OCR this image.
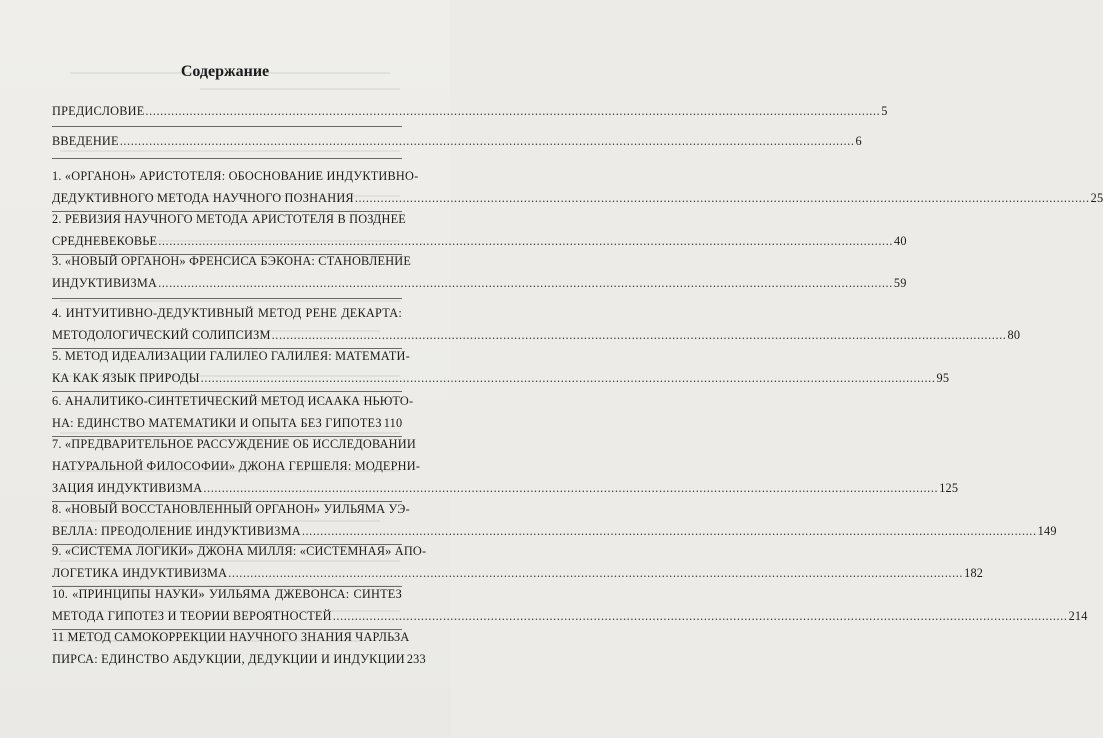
Содержание
ПРЕДИСЛОВИЕ ........................................................................................................................................................................................................ 5
ВВЕДЕНИЕ ........................................................................................................................................................................................................ 6
1. «ОРГАНОН» АРИСТОТЕЛЯ: ОБОСНОВАНИЕ ИНДУКТИВНО-
ДЕДУКТИВНОГО МЕТОДА НАУЧНОГО ПОЗНАНИЯ ........................................................................................................................................................................................................ 25
2. РЕВИЗИЯ НАУЧНОГО МЕТОДА АРИСТОТЕЛЯ В ПОЗДНЕЕ
СРЕДНЕВЕКОВЬЕ ........................................................................................................................................................................................................ 40
3. «НОВЫЙ ОРГАНОН» ФРЕНСИСА БЭКОНА: СТАНОВЛЕНИЕ
ИНДУКТИВИЗМА ........................................................................................................................................................................................................ 59
4. ИНТУИТИВНО-ДЕДУКТИВНЫЙ МЕТОД РЕНЕ ДЕКАРТА:
МЕТОДОЛОГИЧЕСКИЙ СОЛИПСИЗМ ........................................................................................................................................................................................................ 80
5. МЕТОД ИДЕАЛИЗАЦИИ ГАЛИЛЕО ГАЛИЛЕЯ: МАТЕМАТИ-
КА КАК ЯЗЫК ПРИРОДЫ ........................................................................................................................................................................................................ 95
6. АНАЛИТИКО-СИНТЕТИЧЕСКИЙ МЕТОД ИСААКА НЬЮТО-
НА: ЕДИНСТВО МАТЕМАТИКИ И ОПЫТА БЕЗ ГИПОТЕЗ 110
7. «ПРЕДВАРИТЕЛЬНОЕ РАССУЖДЕНИЕ ОБ ИССЛЕДОВАНИИ
НАТУРАЛЬНОЙ ФИЛОСОФИИ» ДЖОНА ГЕРШЕЛЯ: МОДЕРНИ-
ЗАЦИЯ ИНДУКТИВИЗМА ........................................................................................................................................................................................................ 125
8. «НОВЫЙ ВОССТАНОВЛЕННЫЙ ОРГАНОН» УИЛЬЯМА УЭ-
ВЕЛЛА: ПРЕОДОЛЕНИЕ ИНДУКТИВИЗМА ........................................................................................................................................................................................................ 149
9. «СИСТЕМА ЛОГИКИ» ДЖОНА МИЛЛЯ: «СИСТЕМНАЯ» АПО-
ЛОГЕТИКА ИНДУКТИВИЗМА ........................................................................................................................................................................................................ 182
10. «ПРИНЦИПЫ НАУКИ» УИЛЬЯМА ДЖЕВОНСА: СИНТЕЗ
МЕТОДА ГИПОТЕЗ И ТЕОРИИ ВЕРОЯТНОСТЕЙ ........................................................................................................................................................................................................ 214
11 МЕТОД САМОКОРРЕКЦИИ НАУЧНОГО ЗНАНИЯ ЧАРЛЬЗА
ПИРСА: ЕДИНСТВО АБДУКЦИИ, ДЕДУКЦИИ И ИНДУКЦИИ 233
